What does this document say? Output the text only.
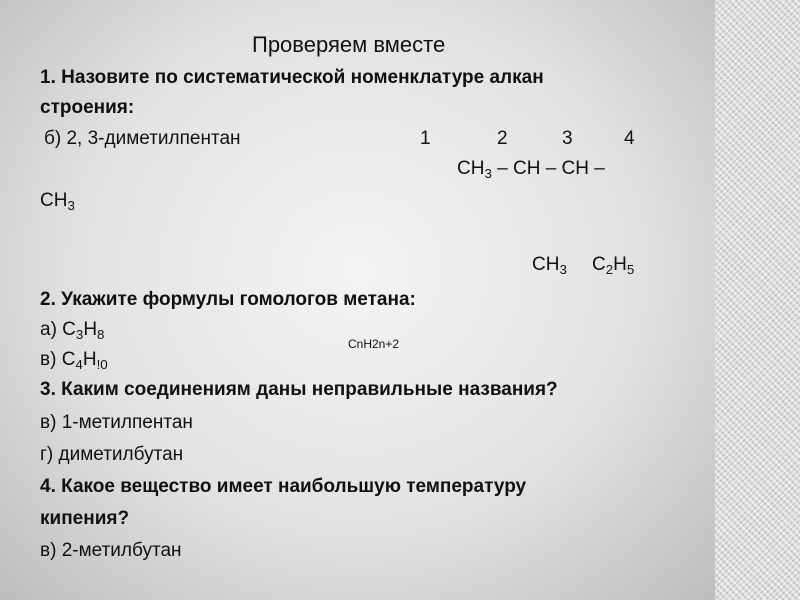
Проверяем вместе
1. Назовите по систематической номенклатуре алкан
строения:
б) 2, 3-диметилпентан	1	2	3	4
$CH_3$ – CH – CH –
$CH_3$
$CH_3$ $C_2H_5$
2. Укажите формулы гомологов метана:
а) $C_3H_8$
CnH2n+2
в) $C_4H_{!0}$
3. Каким соединениям даны неправильные названия?
в) 1-метилпентан
г) диметилбутан
4. Какое вещество имеет наибольшую температуру
кипения?
в) 2-метилбутан
